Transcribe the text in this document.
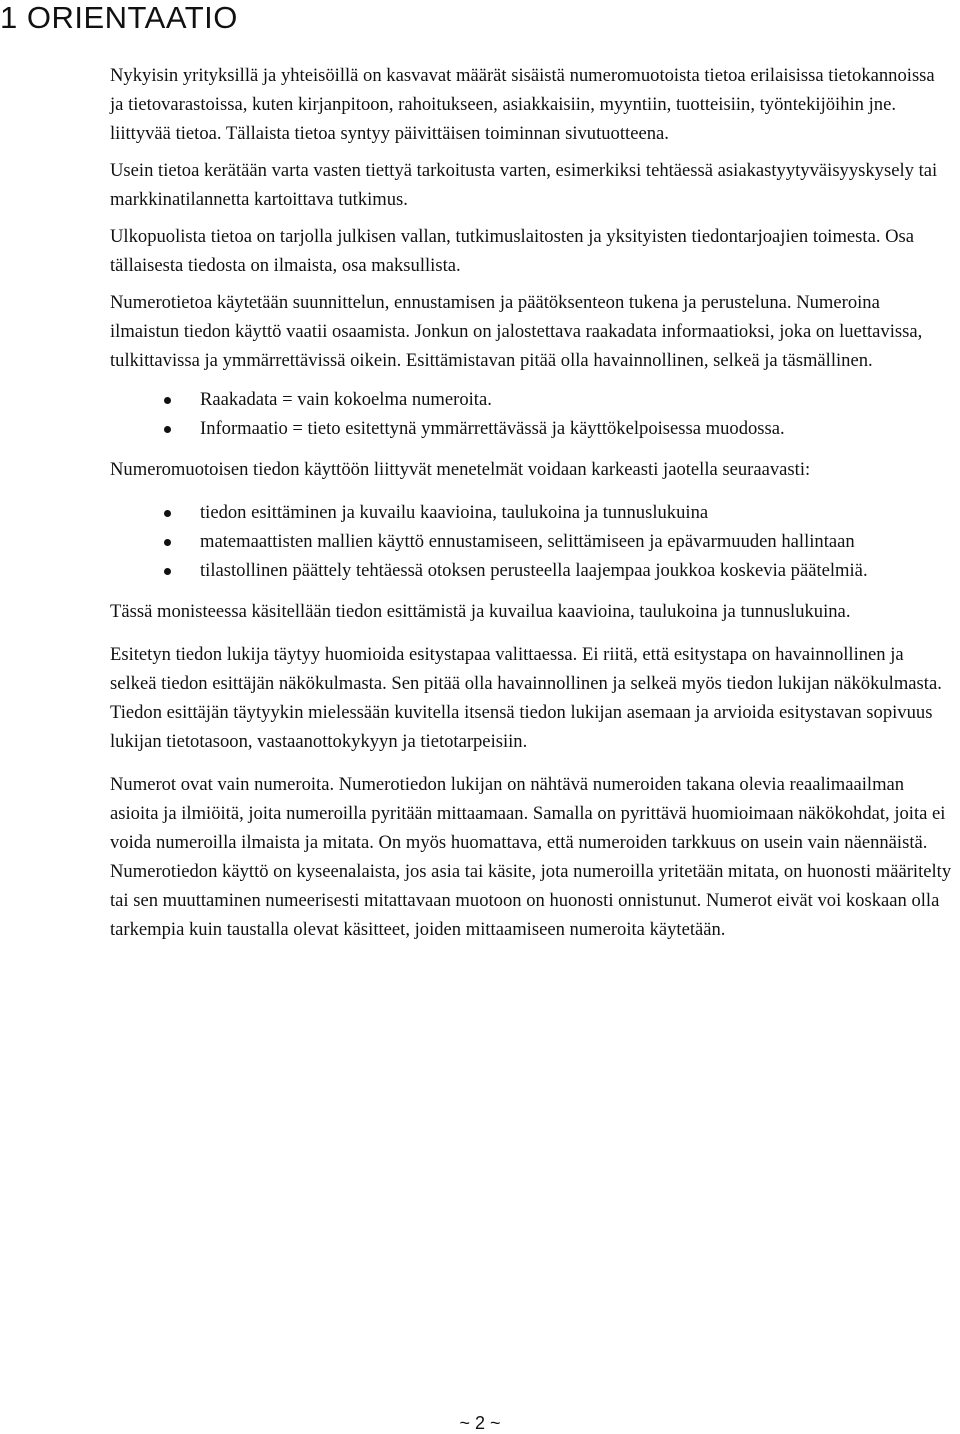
1 ORIENTAATIO

Nykyisin yrityksillä ja yhteisöillä on kasvavat määrät sisäistä numeromuotoista tietoa erilaisissa tietokannoissa ja tietovarastoissa, kuten kirjanpitoon, rahoitukseen, asiakkaisiin, myyntiin, tuotteisiin, työntekijöihin jne. liittyvää tietoa. Tällaista tietoa syntyy päivittäisen toiminnan sivutuotteena.

Usein tietoa kerätään varta vasten tiettyä tarkoitusta varten, esimerkiksi tehtäessä asiakastyytyväisyyskysely tai markkinatilannetta kartoittava tutkimus.

Ulkopuolista tietoa on tarjolla julkisen vallan, tutkimuslaitosten ja yksityisten tiedontarjoajien toimesta. Osa tällaisesta tiedosta on ilmaista, osa maksullista.

Numerotietoa käytetään suunnittelun, ennustamisen ja päätöksenteon tukena ja perusteluna. Numeroina ilmaistun tiedon käyttö vaatii osaamista. Jonkun on jalostettava raakadata informaatioksi, joka on luettavissa, tulkittavissa ja ymmärrettävissä oikein. Esittämistavan pitää olla havainnollinen, selkeä ja täsmällinen.

Raakadata = vain kokoelma numeroita.
Informaatio = tieto esitettynä ymmärrettävässä ja käyttökelpoisessa muodossa.

Numeromuotoisen tiedon käyttöön liittyvät menetelmät voidaan karkeasti jaotella seuraavasti:

tiedon esittäminen ja kuvailu kaavioina, taulukoina ja tunnuslukuina
matemaattisten mallien käyttö ennustamiseen, selittämiseen ja epävarmuuden hallintaan
tilastollinen päättely tehtäessä otoksen perusteella laajempaa joukkoa koskevia päätelmiä.

Tässä monisteessa käsitellään tiedon esittämistä ja kuvailua kaavioina, taulukoina ja tunnuslukuina.

Esitetyn tiedon lukija täytyy huomioida esitystapaa valittaessa. Ei riitä, että esitystapa on havainnollinen ja selkeä tiedon esittäjän näkökulmasta. Sen pitää olla havainnollinen ja selkeä myös tiedon lukijan näkökulmasta. Tiedon esittäjän täytyykin mielessään kuvitella itsensä tiedon lukijan asemaan ja arvioida esitystavan sopivuus lukijan tietotasoon, vastaanottokykyyn ja tietotarpeisiin.

Numerot ovat vain numeroita. Numerotiedon lukijan on nähtävä numeroiden takana olevia reaalimaailman asioita ja ilmiöitä, joita numeroilla pyritään mittaamaan. Samalla on pyrittävä huomioimaan näkökohdat, joita ei voida numeroilla ilmaista ja mitata. On myös huomattava, että numeroiden tarkkuus on usein vain näennäistä. Numerotiedon käyttö on kyseenalaista, jos asia tai käsite, jota numeroilla yritetään mitata, on huonosti määritelty tai sen muuttaminen numeerisesti mitattavaan muotoon on huonosti onnistunut. Numerot eivät voi koskaan olla tarkempia kuin taustalla olevat käsitteet, joiden mittaamiseen numeroita käytetään.

~ 2 ~
